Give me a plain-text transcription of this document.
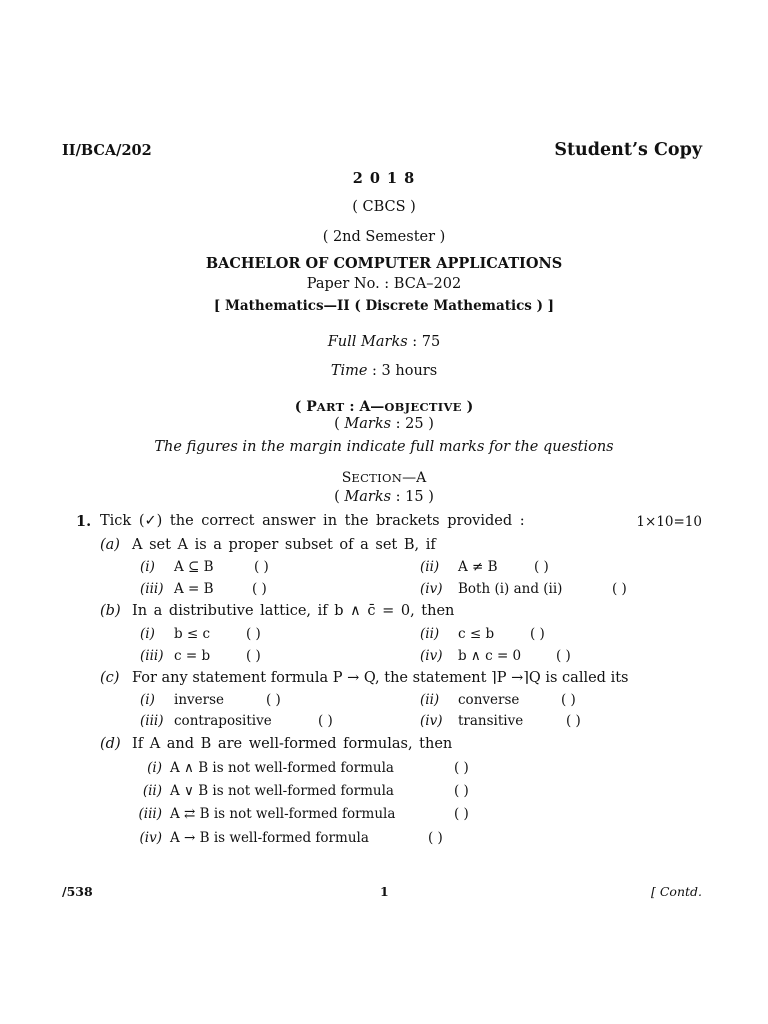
II/BCA/202	Student’s Copy
2 0 1 8
( CBCS )
( 2nd Semester )
BACHELOR OF COMPUTER APPLICATIONS
Paper No. : BCA–202
[ Mathematics—II ( Discrete Mathematics ) ]
Full Marks : 75
Time : 3 hours
( PART : A—OBJECTIVE )
( Marks : 25 )
The figures in the margin indicate full marks for the questions
SECTION—A
( Marks : 15 )
1. Tick (✓) the correct answer in the brackets provided :	1×10=10
(a) A set A is a proper subset of a set B, if
(i) A ⊆ B	( )	(ii) A ≠ B	( )
(iii) A = B	( )	(iv) Both (i) and (ii)	( )
(b) In a distributive lattice, if b ∧ c̄ = 0, then
(i) b ≤ c	( )	(ii) c ≤ b	( )
(iii) c = b	( )	(iv) b ∧ c = 0	( )
(c) For any statement formula P → Q, the statement ⌉P →⌉Q is called its
(i) inverse	( )	(ii) converse	( )
(iii) contrapositive	( )	(iv) transitive	( )
(d) If A and B are well-formed formulas, then
(i) A ∧ B is not well-formed formula	( )
(ii) A ∨ B is not well-formed formula	( )
(iii) A ⇄ B is not well-formed formula	( )
(iv) A → B is well-formed formula	( )
/538	1	[ Contd.
